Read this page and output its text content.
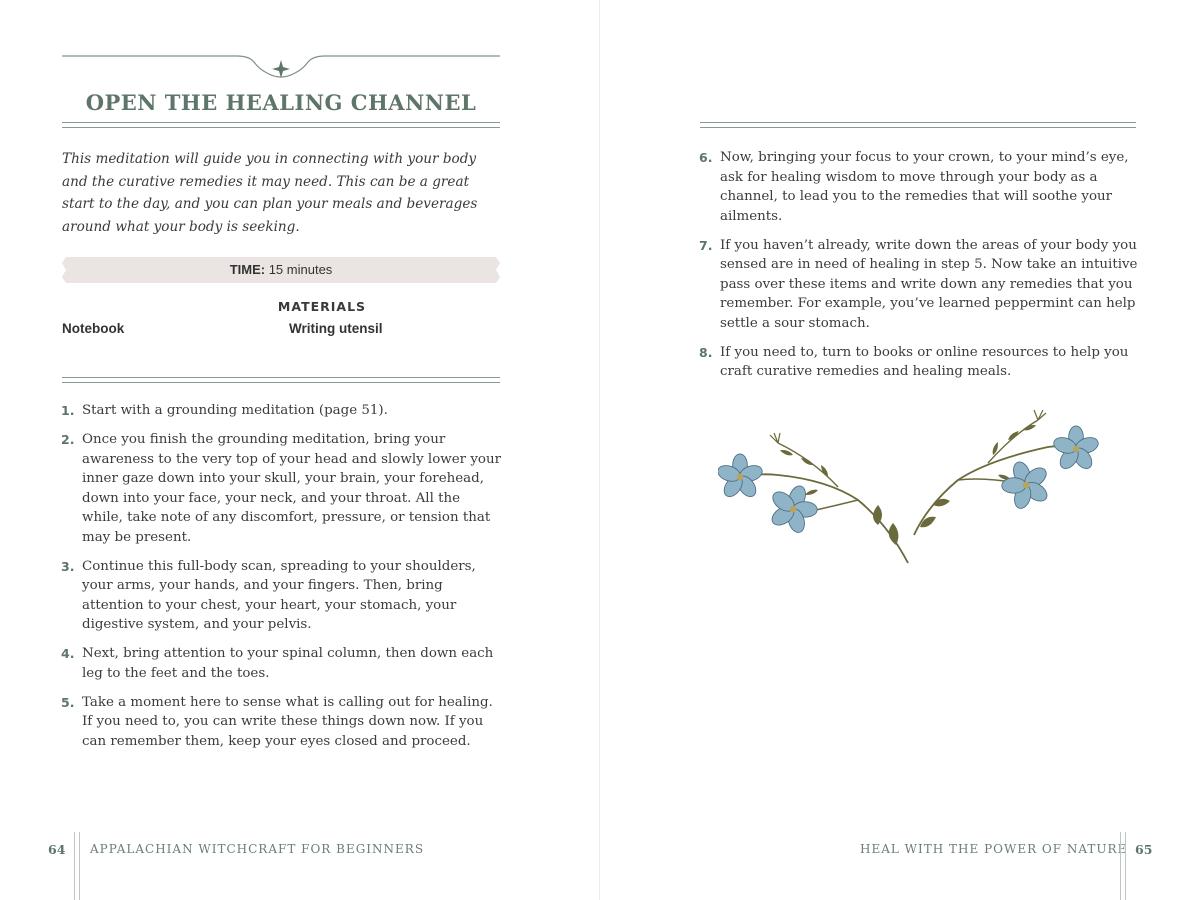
OPEN THE HEALING CHANNEL
This meditation will guide you in connecting with your body and the curative remedies it may need. This can be a great start to the day, and you can plan your meals and beverages around what your body is seeking.
TIME: 15 minutes
MATERIALS
Notebook	Writing utensil
1. Start with a grounding meditation (page 51).
2. Once you finish the grounding meditation, bring your awareness to the very top of your head and slowly lower your inner gaze down into your skull, your brain, your forehead, down into your face, your neck, and your throat. All the while, take note of any discomfort, pressure, or tension that may be present.
3. Continue this full-body scan, spreading to your shoulders, your arms, your hands, and your fingers. Then, bring attention to your chest, your heart, your stomach, your digestive system, and your pelvis.
4. Next, bring attention to your spinal column, then down each leg to the feet and the toes.
5. Take a moment here to sense what is calling out for healing. If you need to, you can write these things down now. If you can remember them, keep your eyes closed and proceed.
64 APPALACHIAN WITCHCRAFT FOR BEGINNERS
6. Now, bringing your focus to your crown, to your mind’s eye, ask for healing wisdom to move through your body as a channel, to lead you to the remedies that will soothe your ailments.
7. If you haven’t already, write down the areas of your body you sensed are in need of healing in step 5. Now take an intuitive pass over these items and write down any remedies that you remember. For example, you’ve learned peppermint can help settle a sour stomach.
8. If you need to, turn to books or online resources to help you craft curative remedies and healing meals.
HEAL WITH THE POWER OF NATURE 65
